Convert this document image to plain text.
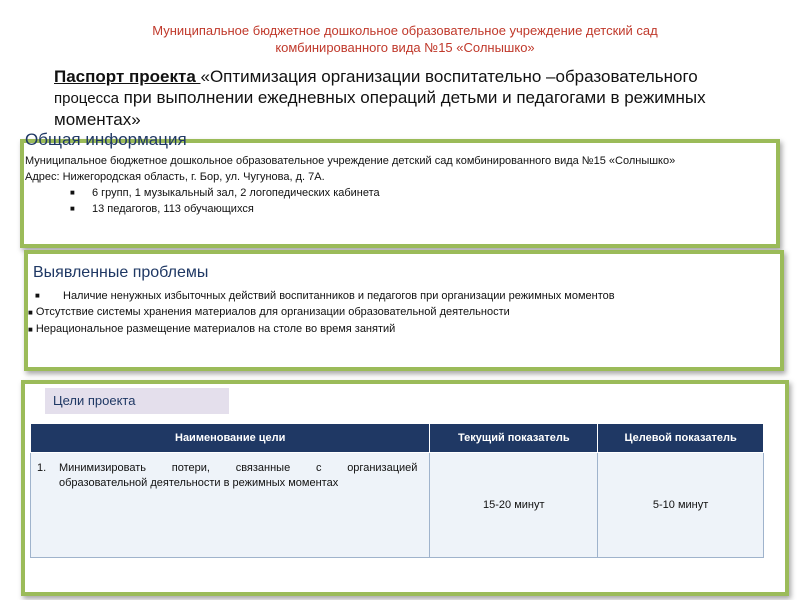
Муниципальное бюджетное дошкольное образовательное учреждение детский сад
комбинированного вида №15 «Солнышко»
Паспорт проекта «Оптимизация организации воспитательно –образовательного процесса при выполнении ежедневных операций детьми и педагогами в режимных моментах»
Общая информация
Муниципальное бюджетное дошкольное образовательное учреждение детский сад комбинированного вида №15 «Солнышко»
Адрес: Нижегородская область, г. Бор, ул. Чугунова, д. 7А.
■ 6 групп, 1 музыкальный зал, 2 логопедических кабинета
■ 13 педагогов, 113 обучающихся
Выявленные проблемы
■ Наличие ненужных избыточных действий воспитанников и педагогов при организации режимных моментов
■ Отсутствие системы хранения материалов для организации образовательной деятельности
■ Нерациональное размещение материалов на столе во время занятий
Цели проекта
Наименование цели	Текущий показатель	Целевой показатель

1. Минимизировать потери, связанные с организацией образовательной деятельности в режимных моментах	15-20 минут	5-10 минут
